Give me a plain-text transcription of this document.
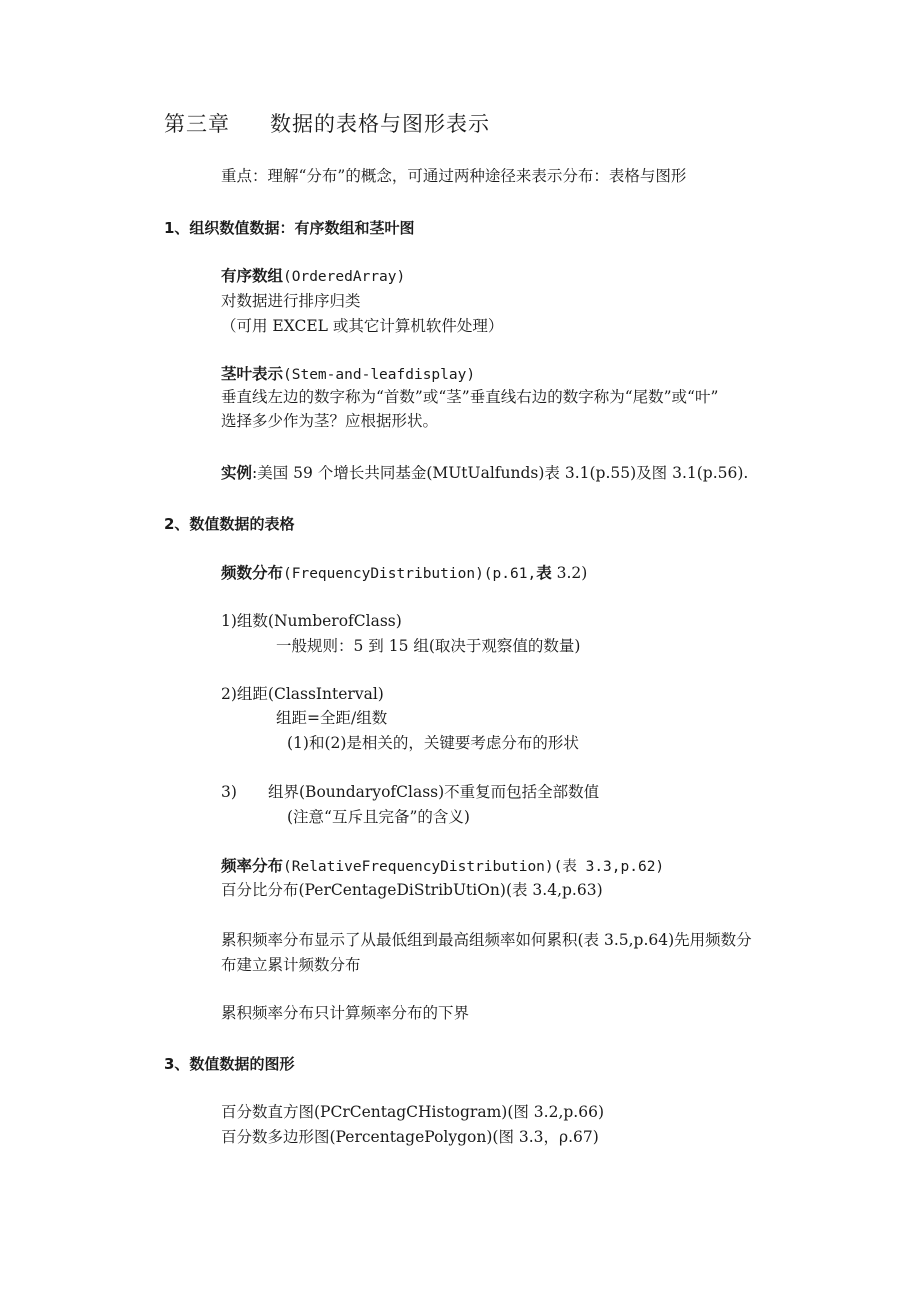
第三章 数据的表格与图形表示
重点：理解“分布”的概念，可通过两种途径来表示分布：表格与图形
1、组织数值数据：有序数组和茎叶图
有序数组(OrderedArray)
对数据进行排序归类
（可用 EXCEL 或其它计算机软件处理）
茎叶表示(Stem-and-leafdisplay)
垂直线左边的数字称为“首数”或“茎”垂直线右边的数字称为“尾数”或“叶”
选择多少作为茎？应根据形状。
实例:美国 59 个增长共同基金(MUtUalfunds)表 3.1(p.55)及图 3.1(p.56).
2、数值数据的表格
频数分布(FrequencyDistribution)(p.61,表 3.2)
1)组数(NumberofClass)
一般规则：5 到 15 组(取决于观察值的数量)
2)组距(ClassInterval)
组距=全距/组数
(1)和(2)是相关的，关键要考虑分布的形状
3) 组界(BoundaryofClass)不重复而包括全部数值
(注意“互斥且完备”的含义)
频率分布(RelativeFrequencyDistribution)(表 3.3,p.62)
百分比分布(PerCentageDiStribUtiOn)(表 3.4,p.63)
累积频率分布显示了从最低组到最高组频率如何累积(表 3.5,p.64)先用频数分
布建立累计频数分布
累积频率分布只计算频率分布的下界
3、数值数据的图形
百分数直方图(PCrCentagCHistogram)(图 3.2,p.66)
百分数多边形图(PercentagePolygon)(图 3.3，ρ.67)
